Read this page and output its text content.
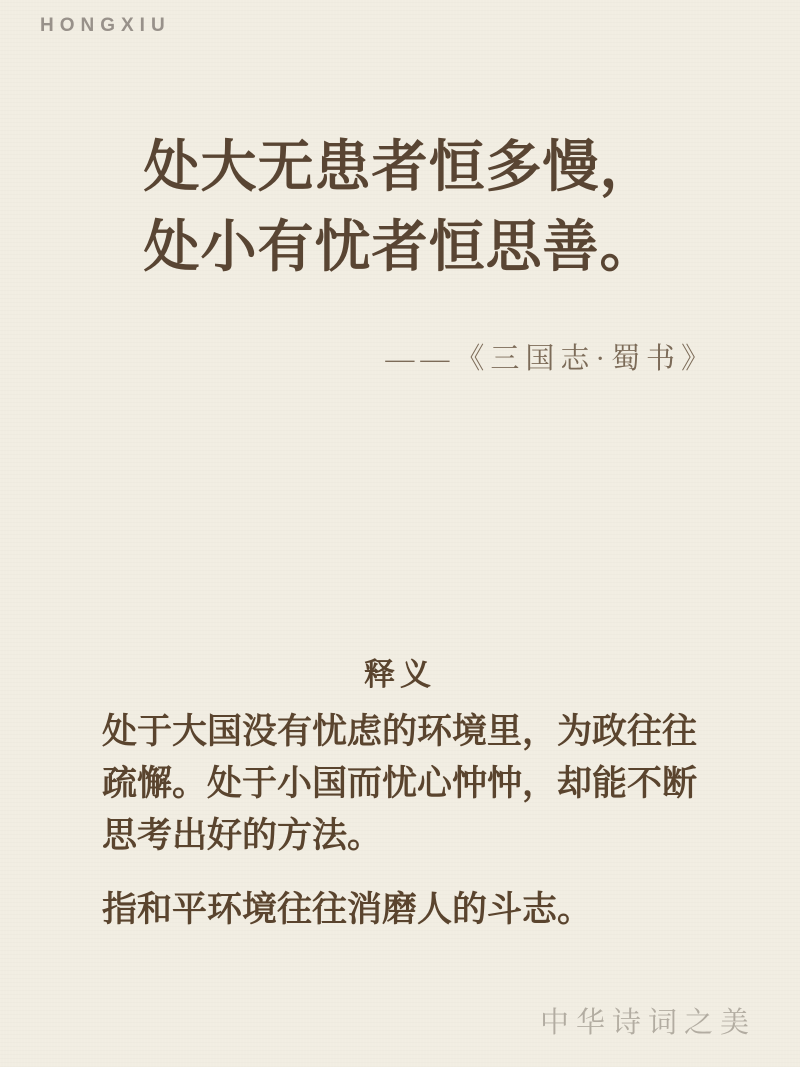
HONGXIU
处大无患者恒多慢，
处小有忧者恒思善。
——《三国志·蜀书》
释义
处于大国没有忧虑的环境里，为政往往
疏懈。处于小国而忧心忡忡，却能不断
思考出好的方法。
指和平环境往往消磨人的斗志。
中华诗词之美
